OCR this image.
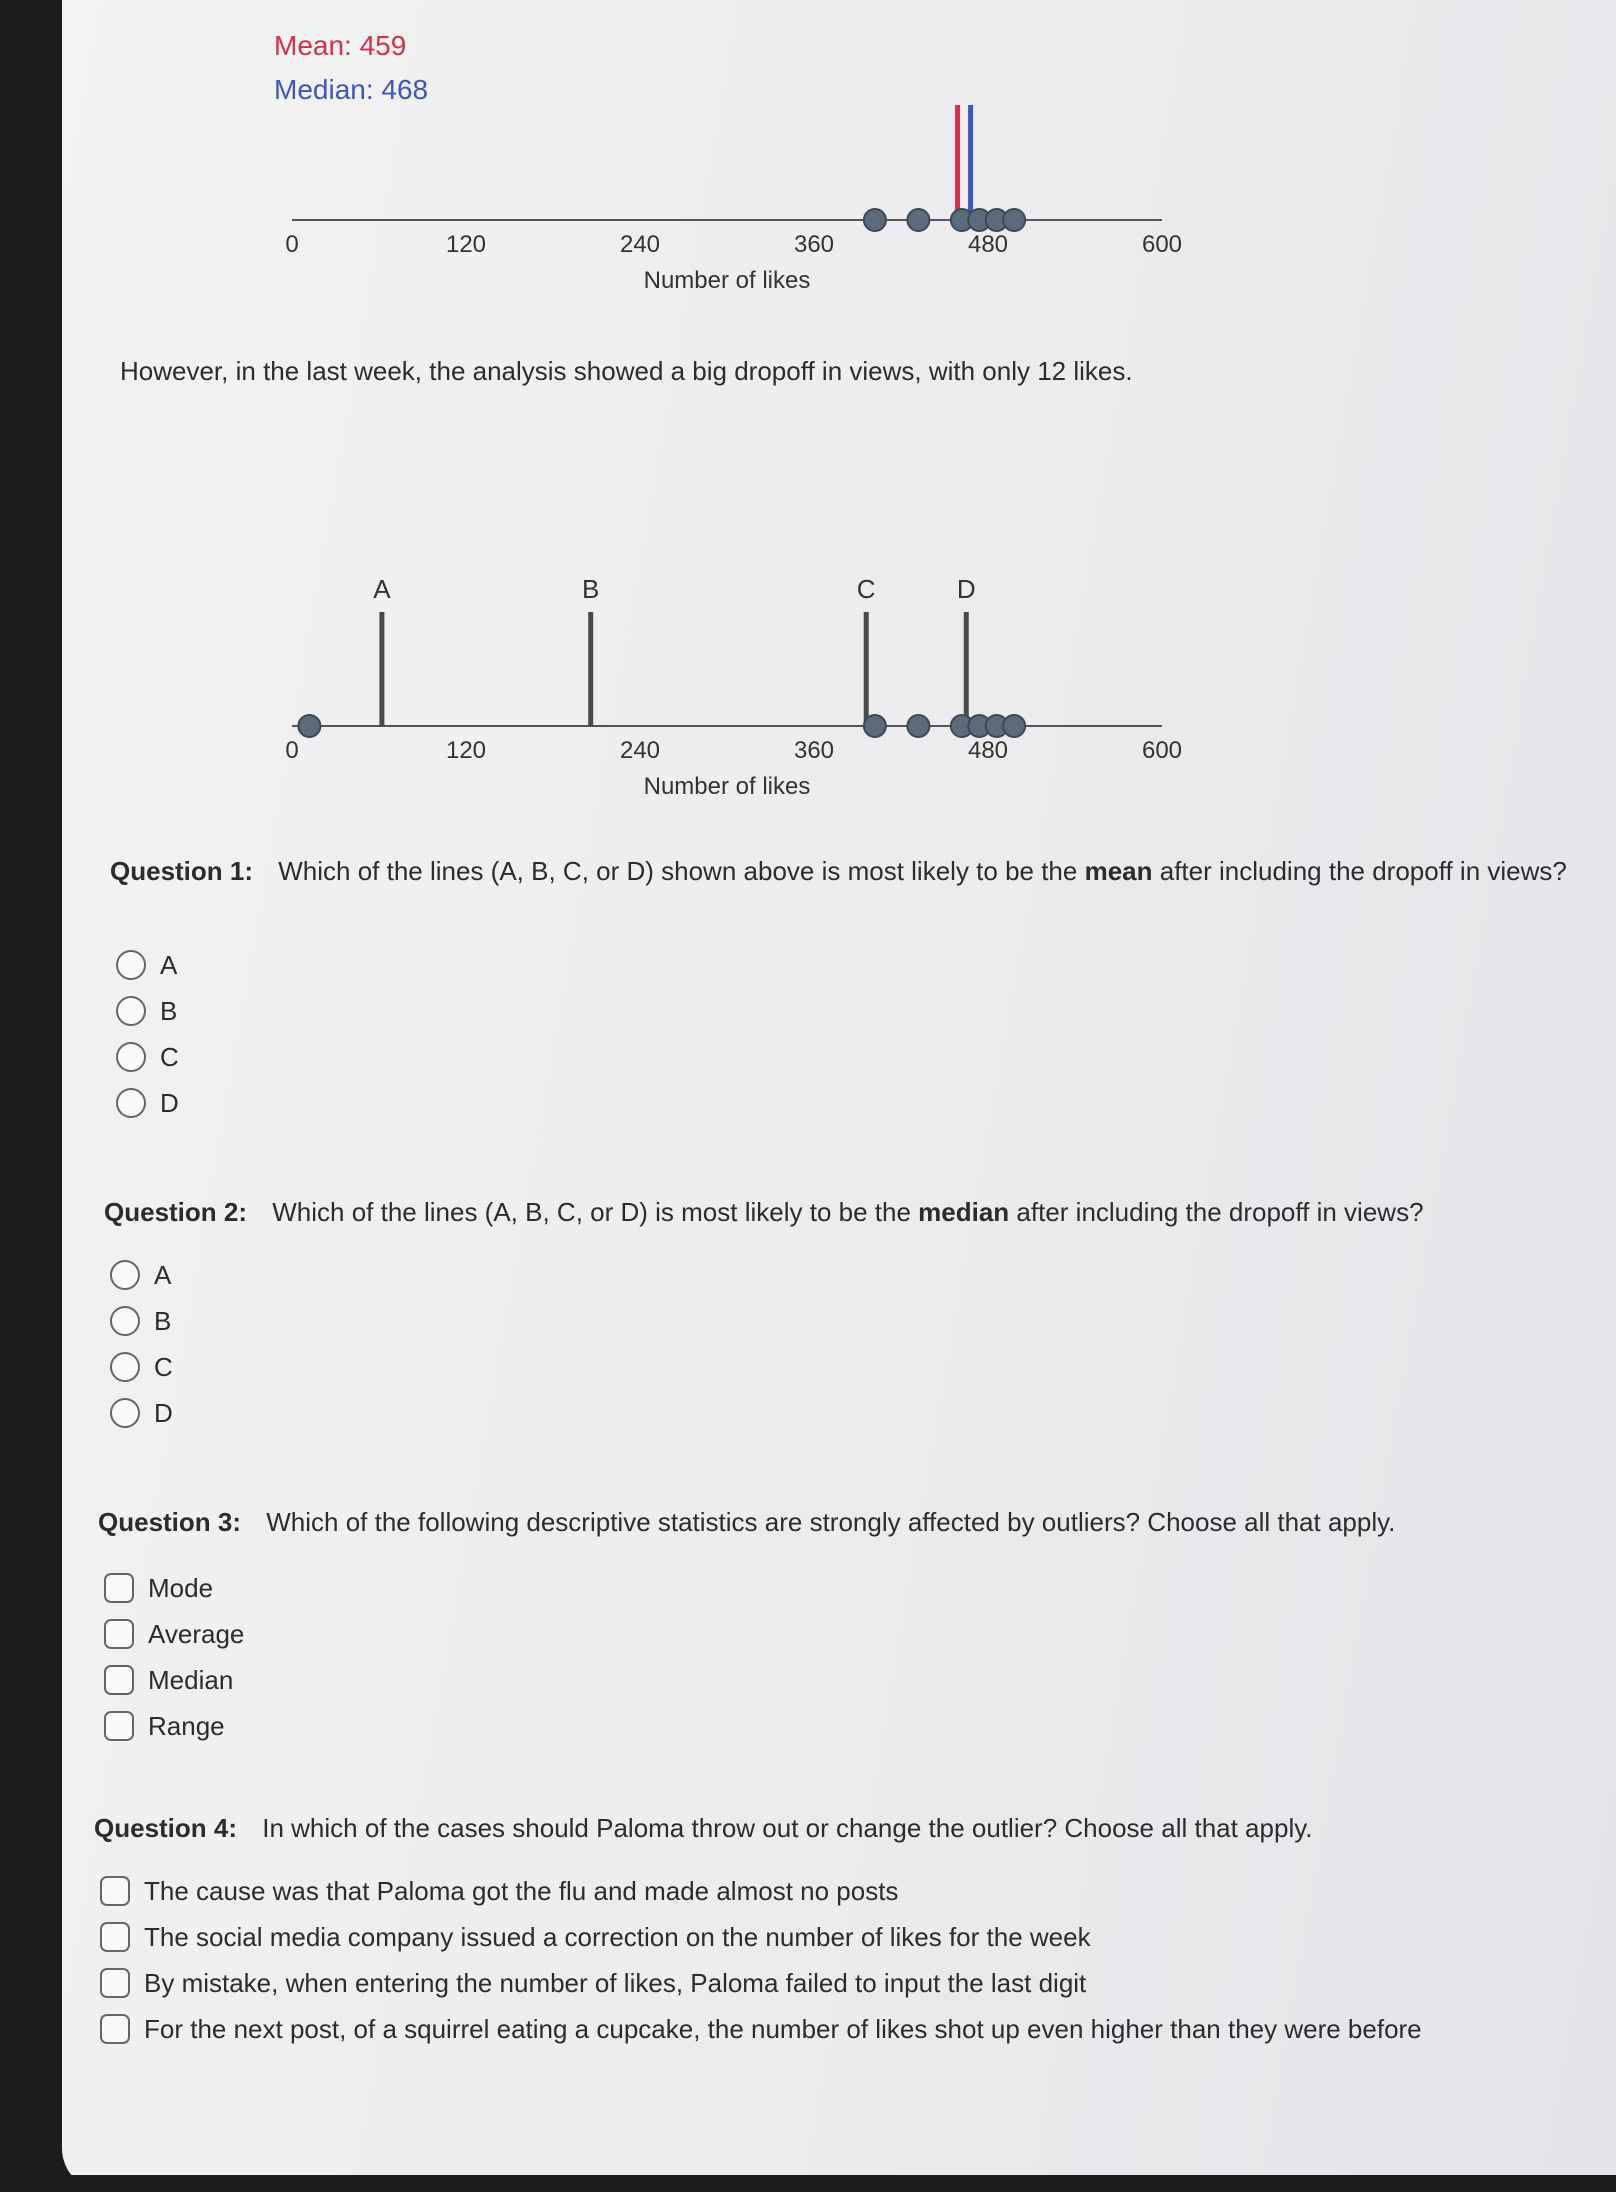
Mean: 459
Median: 468
0	120	240	360	480	600
Number of likes
However, in the last week, the analysis showed a big dropoff in views, with only 12 likes.
0	120	240	360	480	600
Number of likes
A	B	C	D
Question 1: Which of the lines (A, B, C, or D) shown above is most likely to be the mean after including the dropoff in views?
A
B
C
D
Question 2: Which of the lines (A, B, C, or D) is most likely to be the median after including the dropoff in views?
A
B
C
D
Question 3: Which of the following descriptive statistics are strongly affected by outliers? Choose all that apply.
Mode
Average
Median
Range
Question 4: In which of the cases should Paloma throw out or change the outlier? Choose all that apply.
The cause was that Paloma got the flu and made almost no posts
The social media company issued a correction on the number of likes for the week
By mistake, when entering the number of likes, Paloma failed to input the last digit
For the next post, of a squirrel eating a cupcake, the number of likes shot up even higher than they were before
